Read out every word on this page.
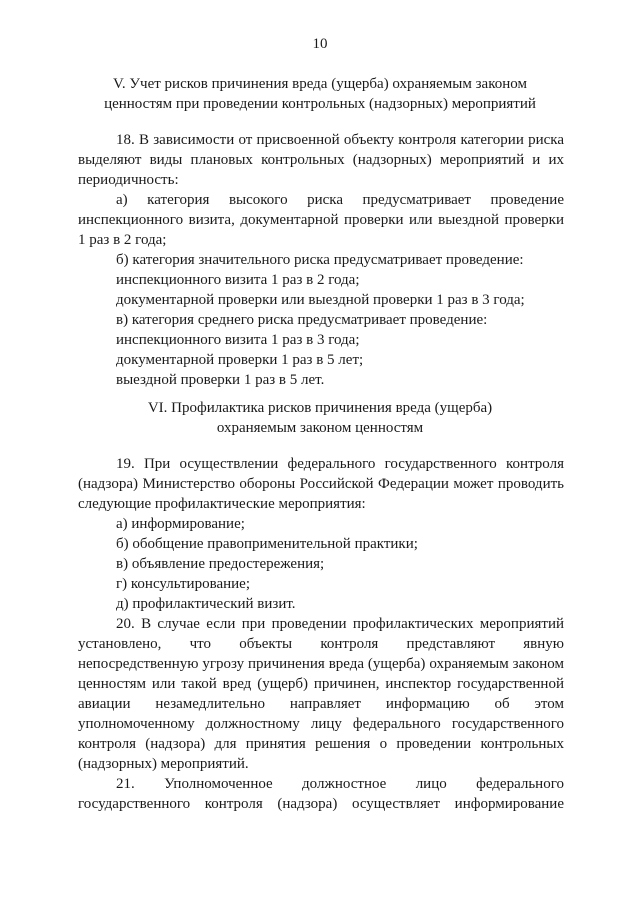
10
V. Учет рисков причинения вреда (ущерба) охраняемым законом
ценностям при проведении контрольных (надзорных) мероприятий

18. В зависимости от присвоенной объекту контроля категории риска выделяют виды плановых контрольных (надзорных) мероприятий и их периодичность:

а) категория высокого риска предусматривает проведение инспекционного визита, документарной проверки или выездной проверки 1 раз в 2 года;

б) категория значительного риска предусматривает проведение:

инспекционного визита 1 раз в 2 года;

документарной проверки или выездной проверки 1 раз в 3 года;

в) категория среднего риска предусматривает проведение:

инспекционного визита 1 раз в 3 года;

документарной проверки 1 раз в 5 лет;

выездной проверки 1 раз в 5 лет.

VI. Профилактика рисков причинения вреда (ущерба)
охраняемым законом ценностям

19. При осуществлении федерального государственного контроля (надзора) Министерство обороны Российской Федерации может проводить следующие профилактические мероприятия:

а) информирование;

б) обобщение правоприменительной практики;

в) объявление предостережения;

г) консультирование;

д) профилактический визит.

20. В случае если при проведении профилактических мероприятий установлено, что объекты контроля представляют явную непосредственную угрозу причинения вреда (ущерба) охраняемым законом ценностям или такой вред (ущерб) причинен, инспектор государственной авиации незамедлительно направляет информацию об этом уполномоченному должностному лицу федерального государственного контроля (надзора) для принятия решения о проведении контрольных (надзорных) мероприятий.

21. Уполномоченное должностное лицо федерального государственного контроля (надзора) осуществляет информирование
